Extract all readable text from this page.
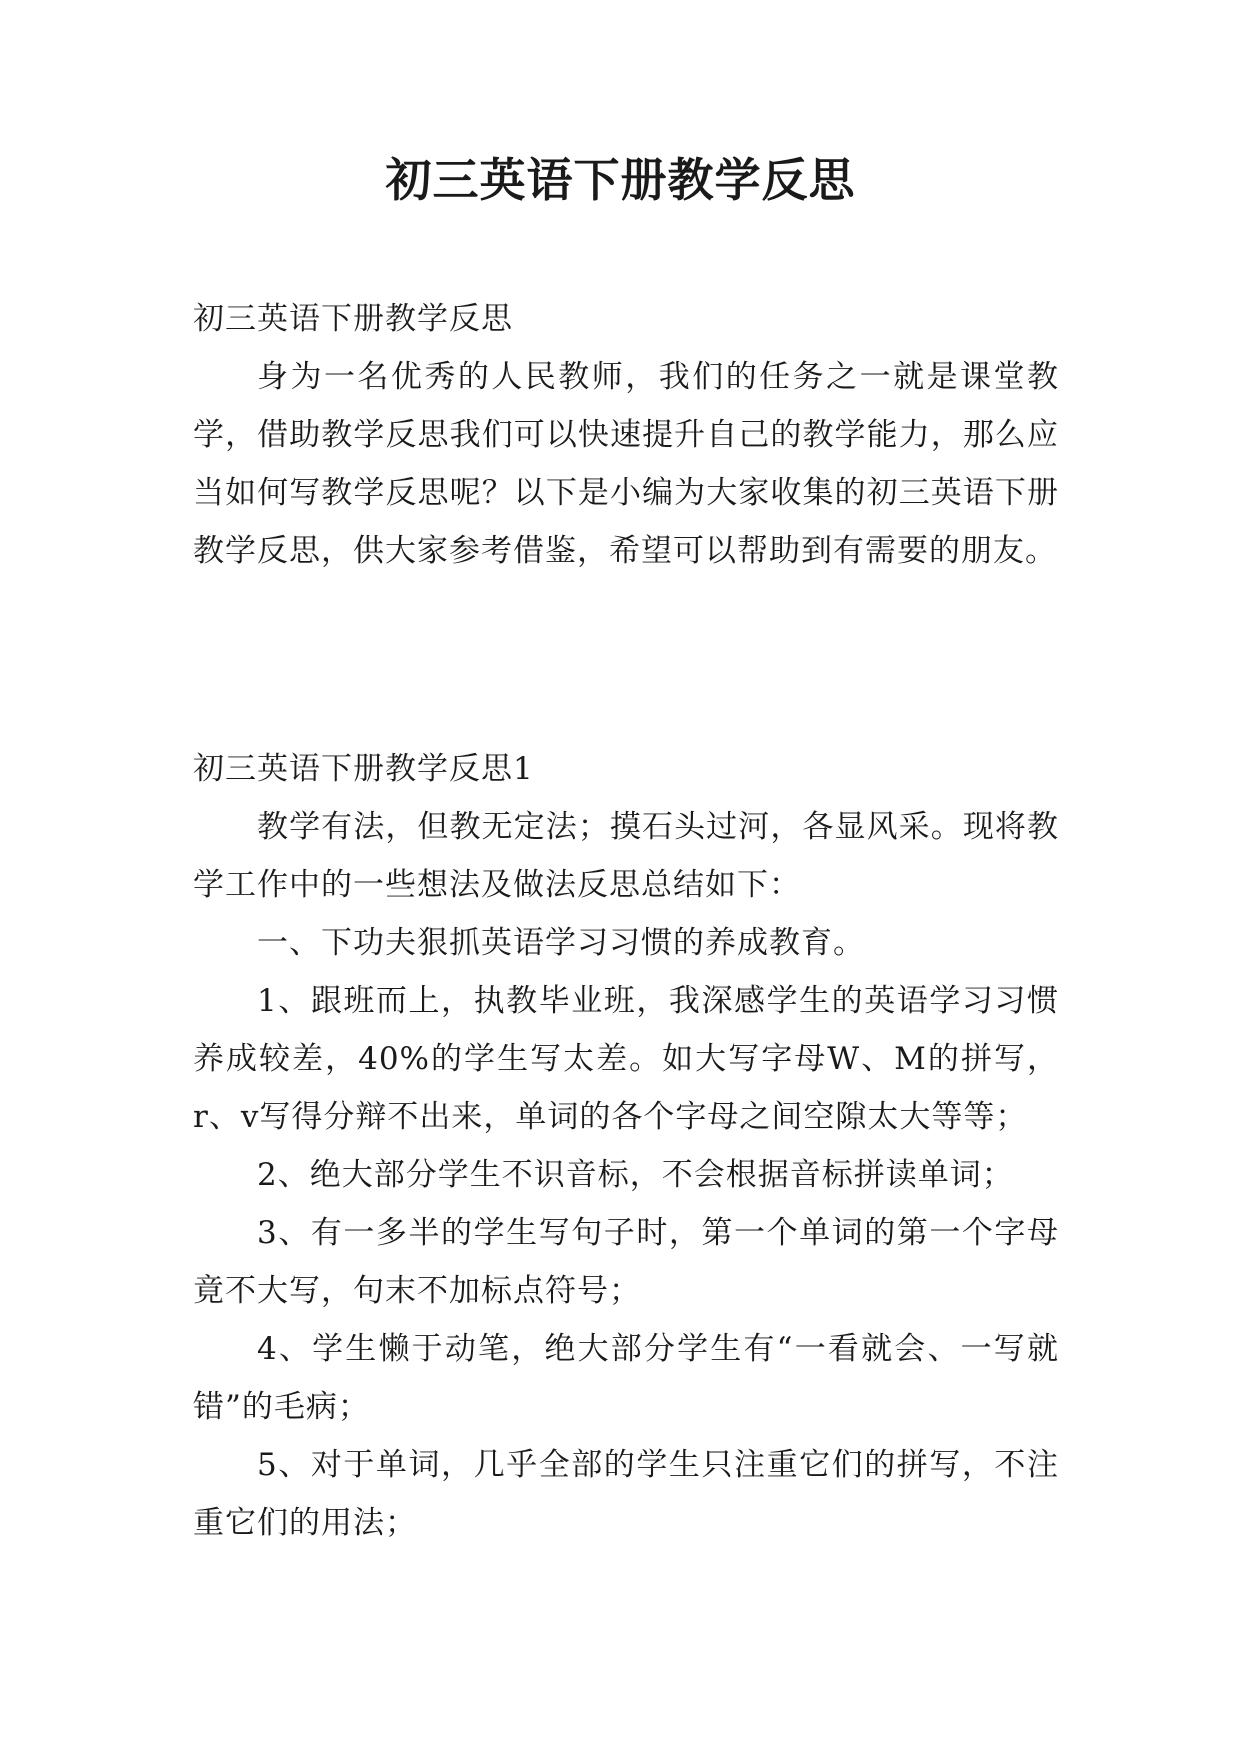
初三英语下册教学反思

初三英语下册教学反思

身为一名优秀的人民教师，我们的任务之一就是课堂教学，借助教学反思我们可以快速提升自己的教学能力，那么应当如何写教学反思呢？以下是小编为大家收集的初三英语下册教学反思，供大家参考借鉴，希望可以帮助到有需要的朋友。

初三英语下册教学反思1

教学有法，但教无定法；摸石头过河，各显风采。现将教学工作中的一些想法及做法反思总结如下：

一、下功夫狠抓英语学习习惯的养成教育。

1、跟班而上，执教毕业班，我深感学生的英语学习习惯养成较差，40%的学生写太差。如大写字母W、M的拼写，r、v写得分辩不出来，单词的各个字母之间空隙太大等等；

2、绝大部分学生不识音标，不会根据音标拼读单词；

3、有一多半的学生写句子时，第一个单词的第一个字母竟不大写，句末不加标点符号；

4、学生懒于动笔，绝大部分学生有“一看就会、一写就错”的毛病；

5、对于单词，几乎全部的学生只注重它们的拼写，不注重它们的用法；
